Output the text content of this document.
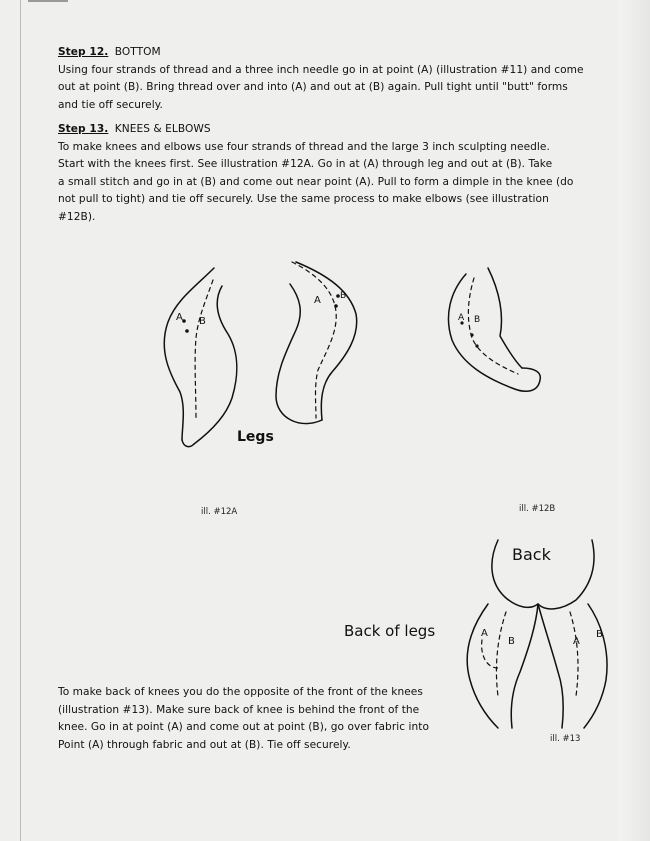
Step 12. BOTTOM

Using four strands of thread and a three inch needle go in at point (A) (illustration #11) and come

out at point (B). Bring thread over and into (A) and out at (B) again. Pull tight until "butt" forms

and tie off securely.

Step 13. KNEES & ELBOWS

To make knees and elbows use four strands of thread and the large 3 inch sculpting needle.

Start with the knees first. See illustration #12A. Go in at (A) through leg and out at (B). Take

a small stitch and go in at (B) and come out near point (A). Pull to form a dimple in the knee (do

not pull to tight) and tie off securely. Use the same process to make elbows (see illustration

#12B).

A B
A B
Legs
A B
Back
Back of legs	A
B	A
B
ill. #12A	ill. #12B
ill. #13

To make back of knees you do the opposite of the front of the knees

(illustration #13). Make sure back of knee is behind the front of the

knee. Go in at point (A) and come out at point (B), go over fabric into

Point (A) through fabric and out at (B). Tie off securely.
